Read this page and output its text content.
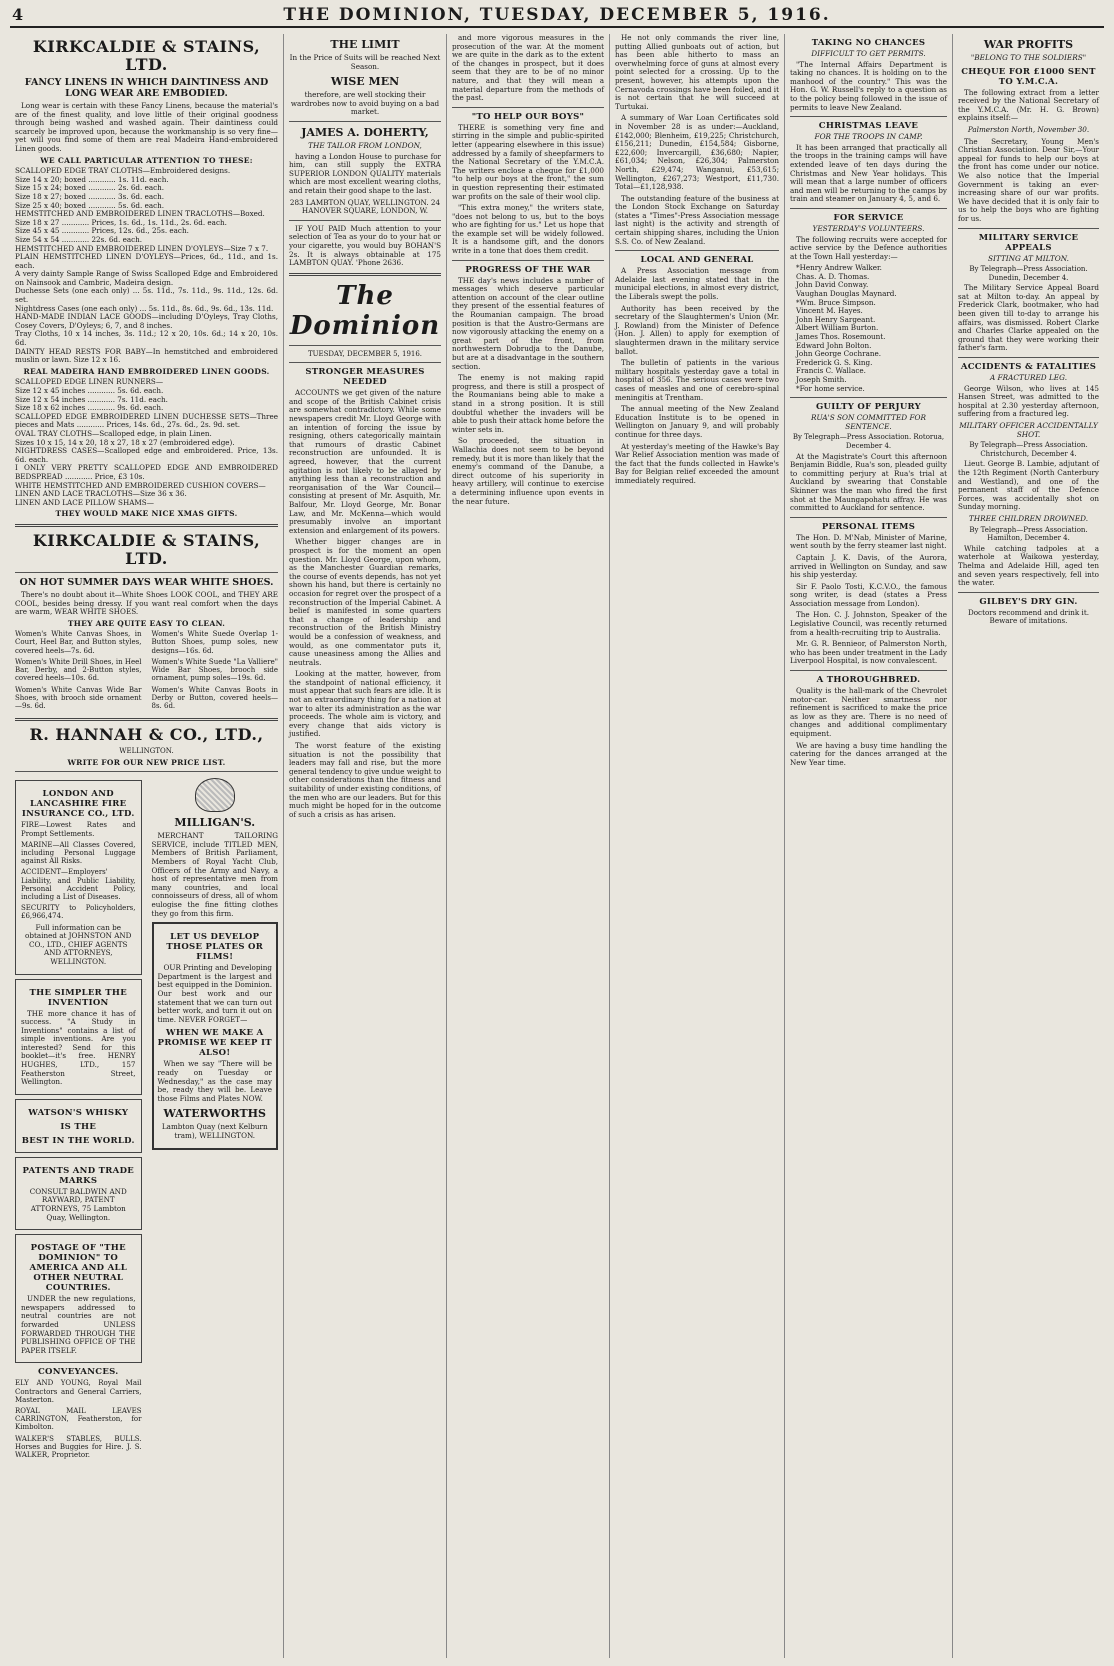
4	THE DOMINION, TUESDAY, DECEMBER 5, 1916.
KIRKCALDIE & STAINS, LTD.
FANCY LINENS IN WHICH DAINTINESS AND LONG WEAR ARE EMBODIED.

Long wear is certain with these Fancy Linens, because the material's are of the finest quality, and love little of their original goodness through being washed and washed again. Their daintiness could scarcely be improved upon, because the workmanship is so very fine—yet will you find some of them are real Madeira Hand-embroidered Linen goods.

WE CALL PARTICULAR ATTENTION TO THESE:
SCALLOPED EDGE TRAY CLOTHS—Embroidered designs.
Size 14 x 20; boxed ............ 1s. 11d. each.
Size 15 x 24; boxed ............ 2s. 6d. each.
Size 18 x 27; boxed ............ 3s. 6d. each.
Size 25 x 40; boxed ............ 5s. 6d. each.
HEMSTITCHED AND EMBROIDERED LINEN TRACLOTHS—Boxed.
Size 18 x 27 ............ Prices, 1s. 6d., 1s. 11d., 2s. 6d. each.
Size 45 x 45 ............ Prices, 12s. 6d., 25s. each.
Size 54 x 54 ............ 22s. 6d. each.
HEMSTITCHED AND EMBROIDERED LINEN D'OYLEYS—Size 7 x 7.
PLAIN HEMSTITCHED LINEN D'OYLEYS—Prices, 6d., 11d., and 1s. each.
A very dainty Sample Range of Swiss Scalloped Edge and Embroidered on Nainsook and Cambric, Madeira design.
Duchesse Sets (one each only) ... 5s. 11d., 7s. 11d., 9s. 11d., 12s. 6d. set.
Nightdress Cases (one each only) ... 5s. 11d., 8s. 6d., 9s. 6d., 13s. 11d.
HAND-MADE INDIAN LACE GOODS—including D'Oyleys, Tray Cloths, Cosey Covers, D'Oyleys; 6, 7, and 8 inches.
Tray Cloths, 10 x 14 inches, 3s. 11d.; 12 x 20, 10s. 6d.; 14 x 20, 10s. 6d.
DAINTY HEAD RESTS FOR BABY—In hemstitched and embroidered muslin or lawn. Size 12 x 16.
REAL MADEIRA HAND EMBROIDERED LINEN GOODS.
SCALLOPED EDGE LINEN RUNNERS—
Size 12 x 45 inches ............ 5s. 6d. each.
Size 12 x 54 inches ............ 7s. 11d. each.
Size 18 x 62 inches ............ 9s. 6d. each.
SCALLOPED EDGE EMBROIDERED LINEN DUCHESSE SETS—Three pieces and Mats ............ Prices, 14s. 6d., 27s. 6d., 2s. 9d. set.
OVAL TRAY CLOTHS—Scalloped edge, in plain Linen.
Sizes 10 x 15, 14 x 20, 18 x 27, 18 x 27 (embroidered edge).
NIGHTDRESS CASES—Scalloped edge and embroidered. Price, 13s. 6d. each.
I ONLY VERY PRETTY SCALLOPED EDGE AND EMBROIDERED BEDSPREAD ............ Price, £3 10s.
WHITE HEMSTITCHED AND EMBROIDERED CUSHION COVERS—
LINEN AND LACE TRACLOTHS—Size 36 x 36.
LINEN AND LACE PILLOW SHAMS—
THEY WOULD MAKE NICE XMAS GIFTS.
KIRKCALDIE & STAINS, LTD.
ON HOT SUMMER DAYS WEAR WHITE SHOES.

There's no doubt about it—White Shoes LOOK COOL, and THEY ARE COOL, besides being dressy. If you want real comfort when the days are warm, WEAR WHITE SHOES.

THEY ARE QUITE EASY TO CLEAN.
Women's White Canvas Shoes, in Court, Heel Bar, and Button styles, covered heels—7s. 6d.
Women's White Drill Shoes, in Heel Bar, Derby, and 2-Button styles, covered heels—10s. 6d.
Women's White Canvas Wide Bar Shoes, with brooch side ornament—9s. 6d.
Women's White Suede Overlap 1-Button Shoes, pump soles, new designs—16s. 6d.
Women's White Suede "La Valliere" Wide Bar Shoes, brooch side ornament, pump soles—19s. 6d.
Women's White Canvas Boots in Derby or Button, covered heels—8s. 6d.
R. HANNAH & CO., LTD.,
WELLINGTON.
WRITE FOR OUR NEW PRICE LIST.
LONDON AND LANCASHIRE FIRE INSURANCE CO., LTD.
FIRE—Lowest Rates and Prompt Settlements.
MARINE—All Classes Covered, including Personal Luggage against All Risks.
ACCIDENT—Employers' Liability, and Public Liability, Personal Accident Policy, including a List of Diseases.
SECURITY to Policyholders, £6,966,474.

Full information can be obtained at JOHNSTON AND CO., LTD., CHIEF AGENTS AND ATTORNEYS, WELLINGTON.

THE SIMPLER THE INVENTION

THE more chance it has of success. "A Study in Inventions" contains a list of simple inventions. Are you interested? Send for this booklet—it's free. HENRY HUGHES, LTD., 157 Featherston Street, Wellington.

WATSON'S WHISKY
IS THE
BEST IN THE WORLD.
PATENTS AND TRADE MARKS

CONSULT BALDWIN AND RAYWARD, PATENT ATTORNEYS, 75 Lambton Quay, Wellington.

POSTAGE OF "THE DOMINION" TO AMERICA AND ALL OTHER NEUTRAL COUNTRIES.

UNDER the new regulations, newspapers addressed to neutral countries are not forwarded UNLESS FORWARDED THROUGH THE PUBLISHING OFFICE OF THE PAPER ITSELF.

CONVEYANCES.
ELY AND YOUNG, Royal Mail Contractors and General Carriers, Masterton.
ROYAL MAIL LEAVES CARRINGTON, Featherston, for Kimbolton.
WALKER'S STABLES, BULLS. Horses and Buggies for Hire. J. S. WALKER, Proprietor.
MILLIGAN'S.

MERCHANT TAILORING SERVICE, include TITLED MEN, Members of British Parliament, Members of Royal Yacht Club, Officers of the Army and Navy, a host of representative men from many countries, and local connoisseurs of dress, all of whom eulogise the fine fitting clothes they go from this firm.

LET US DEVELOP THOSE PLATES OR FILMS!

OUR Printing and Developing Department is the largest and best equipped in the Dominion. Our best work and our statement that we can turn out better work, and turn it out on time. NEVER FORGET—

WHEN WE MAKE A PROMISE WE KEEP IT ALSO!

When we say "There will be ready on Tuesday or Wednesday," as the case may be, ready they will be. Leave those Films and Plates NOW.

WATERWORTHS

Lambton Quay (next Kelburn tram), WELLINGTON.

THE LIMIT

In the Price of Suits will be reached Next Season.

WISE MEN

therefore, are well stocking their wardrobes now to avoid buying on a bad market.

JAMES A. DOHERTY,
THE TAILOR FROM LONDON,

having a London House to purchase for him, can still supply the EXTRA SUPERIOR LONDON QUALITY materials which are most excellent wearing cloths, and retain their good shape to the last.

283 LAMBTON QUAY, WELLINGTON. 24 HANOVER SQUARE, LONDON, W.

IF YOU PAID Much attention to your selection of Tea as your do to your hat or your cigarette, you would buy BOHAN'S 2s. It is always obtainable at 175 LAMBTON QUAY. 'Phone 2636.

The Dominion
TUESDAY, DECEMBER 5, 1916.
STRONGER MEASURES NEEDED

ACCOUNTS we get given of the nature and scope of the British Cabinet crisis are somewhat contradictory. While some newspapers credit Mr. Lloyd George with an intention of forcing the issue by resigning, others categorically maintain that rumours of drastic Cabinet reconstruction are unfounded. It is agreed, however, that the current agitation is not likely to be allayed by anything less than a reconstruction and reorganisation of the War Council—consisting at present of Mr. Asquith, Mr. Balfour, Mr. Lloyd George, Mr. Bonar Law, and Mr. McKenna—which would presumably involve an important extension and enlargement of its powers.

Whether bigger changes are in prospect is for the moment an open question. Mr. Lloyd George, upon whom, as the Manchester Guardian remarks, the course of events depends, has not yet shown his hand, but there is certainly no occasion for regret over the prospect of a reconstruction of the Imperial Cabinet. A belief is manifested in some quarters that a change of leadership and reconstruction of the British Ministry would be a confession of weakness, and would, as one commentator puts it, cause uneasiness among the Allies and neutrals.

Looking at the matter, however, from the standpoint of national efficiency, it must appear that such fears are idle. It is not an extraordinary thing for a nation at war to alter its administration as the war proceeds. The whole aim is victory, and every change that aids victory is justified.

The worst feature of the existing situation is not the possibility that leaders may fall and rise, but the more general tendency to give undue weight to other considerations than the fitness and suitability of under existing conditions, of the men who are our leaders. But for this much might be hoped for in the outcome of such a crisis as has arisen.

and more vigorous measures in the prosecution of the war. At the moment we are quite in the dark as to the extent of the changes in prospect, but it does seem that they are to be of no minor nature, and that they will mean a material departure from the methods of the past.

"TO HELP OUR BOYS"

THERE is something very fine and stirring in the simple and public-spirited letter (appearing elsewhere in this issue) addressed by a family of sheepfarmers to the National Secretary of the Y.M.C.A. The writers enclose a cheque for £1,000 "to help our boys at the front," the sum in question representing their estimated war profits on the sale of their wool clip.

"This extra money," the writers state, "does not belong to us, but to the boys who are fighting for us." Let us hope that the example set will be widely followed. It is a handsome gift, and the donors write in a tone that does them credit.

PROGRESS OF THE WAR

THE day's news includes a number of messages which deserve particular attention on account of the clear outline they present of the essential features of the Roumanian campaign. The broad position is that the Austro-Germans are now vigorously attacking the enemy on a great part of the front, from northwestern Dobrudja to the Danube, but are at a disadvantage in the southern section.

The enemy is not making rapid progress, and there is still a prospect of the Roumanians being able to make a stand in a strong position. It is still doubtful whether the invaders will be able to push their attack home before the winter sets in.

So proceeded, the situation in Wallachia does not seem to be beyond remedy, but it is more than likely that the enemy's command of the Danube, a direct outcome of his superiority in heavy artillery, will continue to exercise a determining influence upon events in the near future.

He not only commands the river line, putting Allied gunboats out of action, but has been able hitherto to mass an overwhelming force of guns at almost every point selected for a crossing. Up to the present, however, his attempts upon the Cernavoda crossings have been foiled, and it is not certain that he will succeed at Turtukai.

A summary of War Loan Certificates sold in November 28 is as under:—Auckland, £142,000; Blenheim, £19,225; Christchurch, £156,211; Dunedin, £154,584; Gisborne, £22,600; Invercargill, £36,680; Napier, £61,034; Nelson, £26,304; Palmerston North, £29,474; Wanganui, £53,615; Wellington, £267,273; Westport, £11,730. Total—£1,128,938.

The outstanding feature of the business at the London Stock Exchange on Saturday (states a "Times"-Press Association message last night) is the activity and strength of certain shipping shares, including the Union S.S. Co. of New Zealand.

LOCAL AND GENERAL

A Press Association message from Adelaide last evening stated that in the municipal elections, in almost every district, the Liberals swept the polls.

Authority has been received by the secretary of the Slaughtermen's Union (Mr. J. Rowland) from the Minister of Defence (Hon. J. Allen) to apply for exemption of slaughtermen drawn in the military service ballot.

The bulletin of patients in the various military hospitals yesterday gave a total in hospital of 356. The serious cases were two cases of measles and one of cerebro-spinal meningitis at Trentham.

The annual meeting of the New Zealand Education Institute is to be opened in Wellington on January 9, and will probably continue for three days.

At yesterday's meeting of the Hawke's Bay War Relief Association mention was made of the fact that the funds collected in Hawke's Bay for Belgian relief exceeded the amount immediately required.

TAKING NO CHANCES
DIFFICULT TO GET PERMITS.

"The Internal Affairs Department is taking no chances. It is holding on to the manhood of the country." This was the Hon. G. W. Russell's reply to a question as to the policy being followed in the issue of permits to leave New Zealand.

CHRISTMAS LEAVE
FOR THE TROOPS IN CAMP.

It has been arranged that practically all the troops in the training camps will have extended leave of ten days during the Christmas and New Year holidays. This will mean that a large number of officers and men will be returning to the camps by train and steamer on January 4, 5, and 6.

FOR SERVICE
YESTERDAY'S VOLUNTEERS.

The following recruits were accepted for active service by the Defence authorities at the Town Hall yesterday:—

*Henry Andrew Walker.
Chas. A. D. Thomas.
John David Conway.
Vaughan Douglas Maynard.
*Wm. Bruce Simpson.
Vincent M. Hayes.
John Henry Sargeant.
Albert William Burton.
James Thos. Rosemount.
Edward John Bolton.
John George Cochrane.
Frederick G. S. King.
Francis C. Wallace.
Joseph Smith.
*For home service.
GUILTY OF PERJURY
RUA'S SON COMMITTED FOR SENTENCE.
By Telegraph—Press Association. Rotorua, December 4.

At the Magistrate's Court this afternoon Benjamin Biddle, Rua's son, pleaded guilty to committing perjury at Rua's trial at Auckland by swearing that Constable Skinner was the man who fired the first shot at the Maungapohatu affray. He was committed to Auckland for sentence.

PERSONAL ITEMS

The Hon. D. M'Nab, Minister of Marine, went south by the ferry steamer last night.

Captain J. K. Davis, of the Aurora, arrived in Wellington on Sunday, and saw his ship yesterday.

Sir F. Paolo Tosti, K.C.V.O., the famous song writer, is dead (states a Press Association message from London).

The Hon. C. J. Johnston, Speaker of the Legislative Council, was recently returned from a health-recruiting trip to Australia.

Mr. G. R. Bennieor, of Palmerston North, who has been under treatment in the Lady Liverpool Hospital, is now convalescent.

A THOROUGHBRED.

Quality is the hall-mark of the Chevrolet motor-car. Neither smartness nor refinement is sacrificed to make the price as low as they are. There is no need of changes and additional complimentary equipment.

We are having a busy time handling the catering for the dances arranged at the New Year time.

WAR PROFITS
"BELONG TO THE SOLDIERS"
CHEQUE FOR £1000 SENT TO Y.M.C.A.

The following extract from a letter received by the National Secretary of the Y.M.C.A. (Mr. H. G. Brown) explains itself:—

Palmerston North, November 30.

The Secretary, Young Men's Christian Association. Dear Sir,—Your appeal for funds to help our boys at the front has come under our notice. We also notice that the Imperial Government is taking an ever-increasing share of our war profits. We have decided that it is only fair to us to help the boys who are fighting for us.

MILITARY SERVICE APPEALS
SITTING AT MILTON.
By Telegraph—Press Association. Dunedin, December 4.

The Military Service Appeal Board sat at Milton to-day. An appeal by Frederick Clark, bootmaker, who had been given till to-day to arrange his affairs, was dismissed. Robert Clarke and Charles Clarke appealed on the ground that they were working their father's farm.

ACCIDENTS & FATALITIES
A FRACTURED LEG.

George Wilson, who lives at 145 Hansen Street, was admitted to the hospital at 2.30 yesterday afternoon, suffering from a fractured leg.

MILITARY OFFICER ACCIDENTALLY SHOT.
By Telegraph—Press Association. Christchurch, December 4.

Lieut. George B. Lambie, adjutant of the 12th Regiment (North Canterbury and Westland), and one of the permanent staff of the Defence Forces, was accidentally shot on Sunday morning.

THREE CHILDREN DROWNED.
By Telegraph—Press Association. Hamilton, December 4.

While catching tadpoles at a waterhole at Waikowa yesterday, Thelma and Adelaide Hill, aged ten and seven years respectively, fell into the water.

GILBEY'S DRY GIN.

Doctors recommend and drink it. Beware of imitations.
